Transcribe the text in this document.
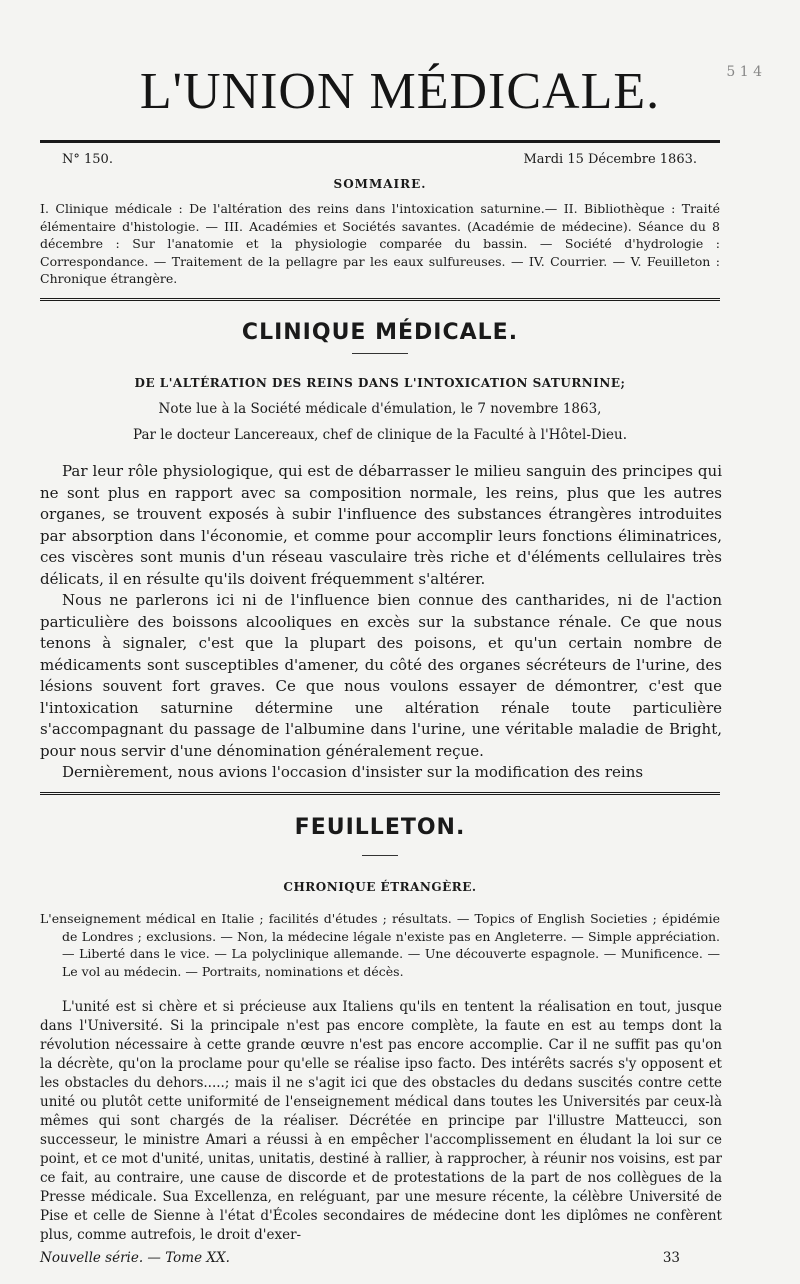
L'UNION MÉDICALE.	5 1 4
N° 150.	Mardi 15 Décembre 1863.
SOMMAIRE.
I. Clinique médicale : De l'altération des reins dans l'intoxication saturnine.— II. Bibliothèque : Traité élémentaire d'histologie. — III. Académies et Sociétés savantes. (Académie de médecine). Séance du 8 décembre : Sur l'anatomie et la physiologie comparée du bassin. — Société d'hydrologie : Correspondance. — Traitement de la pellagre par les eaux sulfureuses. — IV. Courrier. — V. Feuilleton : Chronique étrangère.
CLINIQUE MÉDICALE.
DE L'ALTÉRATION DES REINS DANS L'INTOXICATION SATURNINE;
Note lue à la Société médicale d'émulation, le 7 novembre 1863,
Par le docteur Lancereaux, chef de clinique de la Faculté à l'Hôtel-Dieu.

Par leur rôle physiologique, qui est de débarrasser le milieu sanguin des principes qui ne sont plus en rapport avec sa composition normale, les reins, plus que les autres organes, se trouvent exposés à subir l'influence des substances étrangères introduites par absorption dans l'économie, et comme pour accomplir leurs fonctions éliminatrices, ces viscères sont munis d'un réseau vasculaire très riche et d'éléments cellulaires très délicats, il en résulte qu'ils doivent fréquemment s'altérer.

Nous ne parlerons ici ni de l'influence bien connue des cantharides, ni de l'action particulière des boissons alcooliques en excès sur la substance rénale. Ce que nous tenons à signaler, c'est que la plupart des poisons, et qu'un certain nombre de médicaments sont susceptibles d'amener, du côté des organes sécréteurs de l'urine, des lésions souvent fort graves. Ce que nous voulons essayer de démontrer, c'est que l'intoxication saturnine détermine une altération rénale toute particulière s'accompagnant du passage de l'albumine dans l'urine, une véritable maladie de Bright, pour nous servir d'une dénomination généralement reçue.

Dernièrement, nous avions l'occasion d'insister sur la modification des reins

FEUILLETON.
CHRONIQUE ÉTRANGÈRE.
L'enseignement médical en Italie ; facilités d'études ; résultats. — Topics of English Societies ; épidémie de Londres ; exclusions. — Non, la médecine légale n'existe pas en Angleterre. — Simple appréciation. — Liberté dans le vice. — La polyclinique allemande. — Une découverte espagnole. — Munificence. — Le vol au médecin. — Portraits, nominations et décès.

L'unité est si chère et si précieuse aux Italiens qu'ils en tentent la réalisation en tout, jusque dans l'Université. Si la principale n'est pas encore complète, la faute en est au temps dont la révolution nécessaire à cette grande œuvre n'est pas encore accomplie. Car il ne suffit pas qu'on la décrète, qu'on la proclame pour qu'elle se réalise ipso facto. Des intérêts sacrés s'y opposent et les obstacles du dehors.....; mais il ne s'agit ici que des obstacles du dedans suscités contre cette unité ou plutôt cette uniformité de l'enseignement médical dans toutes les Universités par ceux-là mêmes qui sont chargés de la réaliser. Décrétée en principe par l'illustre Matteucci, son successeur, le ministre Amari a réussi à en empêcher l'accomplissement en éludant la loi sur ce point, et ce mot d'unité, unitas, unitatis, destiné à rallier, à rapprocher, à réunir nos voisins, est par ce fait, au contraire, une cause de discorde et de protestations de la part de nos collègues de la Presse médicale. Sua Excellenza, en reléguant, par une mesure récente, la célèbre Université de Pise et celle de Sienne à l'état d'Écoles secondaires de médecine dont les diplômes ne confèrent plus, comme autrefois, le droit d'exer-

Nouvelle série. — Tome XX.	33
